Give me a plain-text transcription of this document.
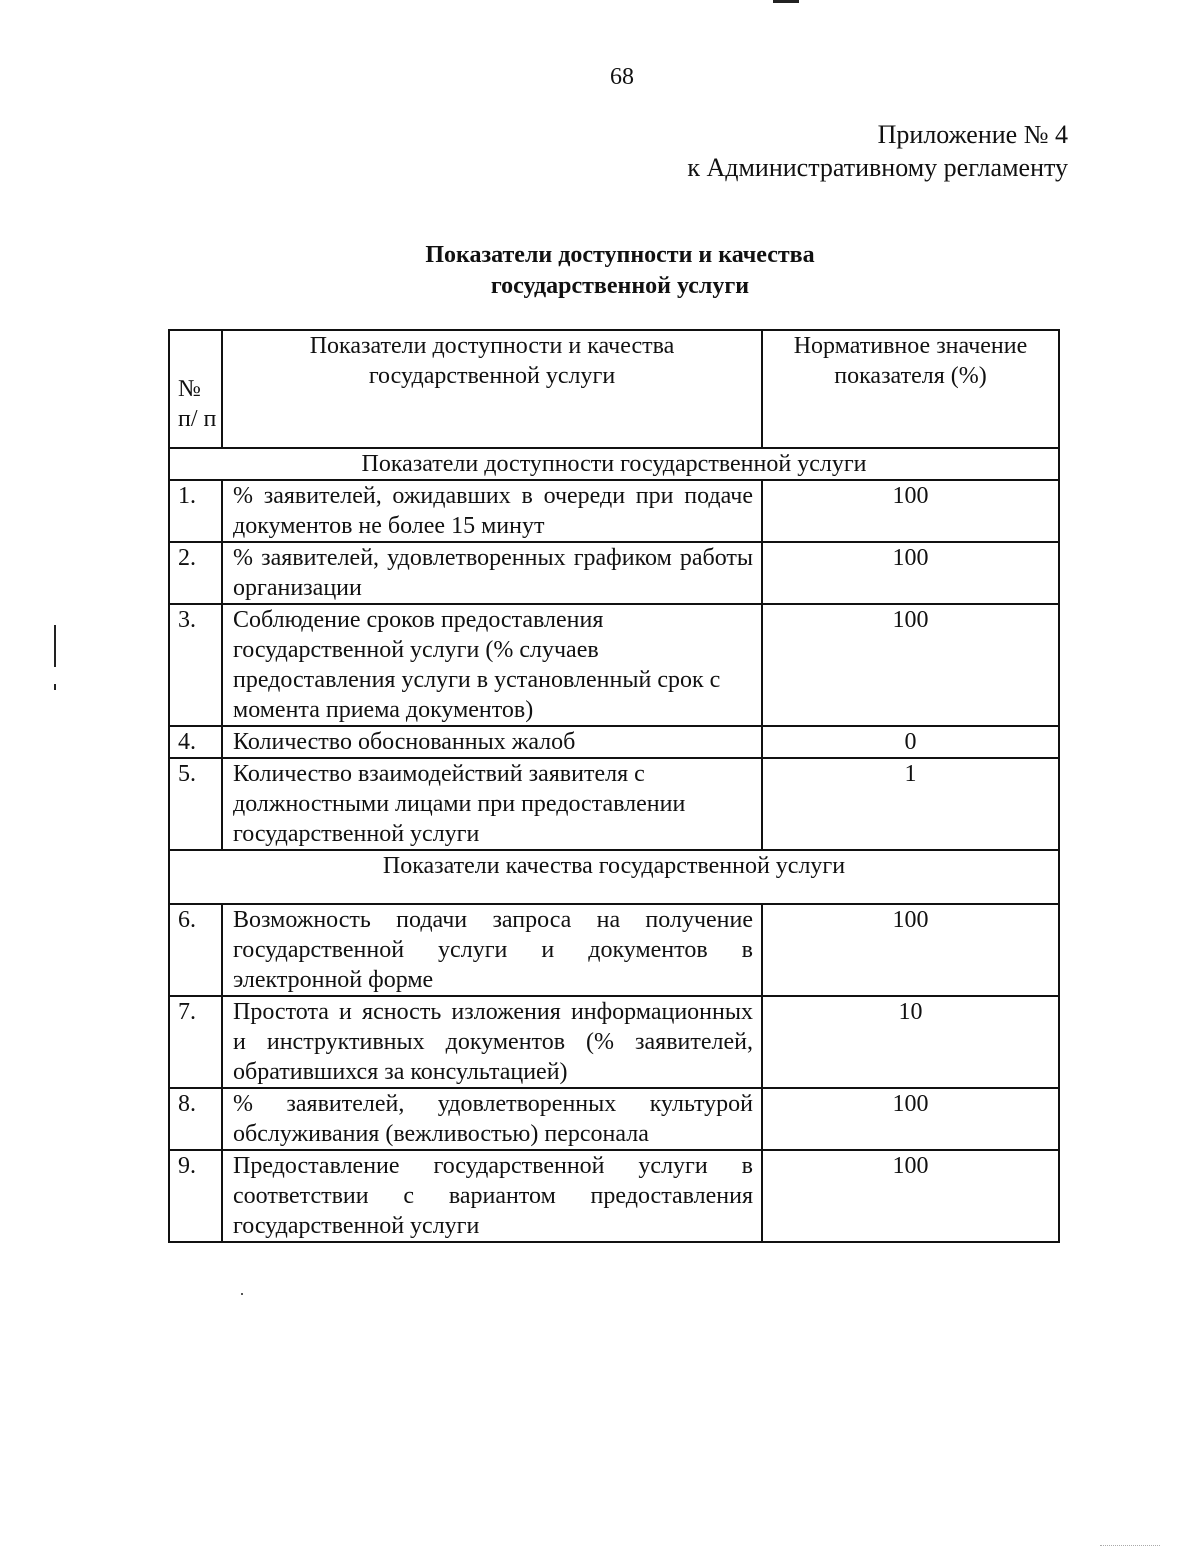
68
Приложение № 4
к Административному регламенту
Показатели доступности и качества
государственной услуги
№ п/ п	Показатели доступности и качества государственной услуги	Нормативное значение показателя (%)
Показатели доступности государственной услуги		
1.	% заявителей, ожидавших в очереди при подаче документов не более 15 минут	100
2.	% заявителей, удовлетворенных графиком работы организации	100
3.	Соблюдение сроков предоставления государственной услуги (% случаев предоставления услуги в установленный срок с момента приема документов)	100
4.	Количество обоснованных жалоб	0
5.	Количество взаимодействий заявителя с должностными лицами при предоставлении государственной услуги	1
Показатели качества государственной услуги		
6.	Возможность подачи запроса на получение государственной услуги и документов в электронной форме	100
7.	Простота и ясность изложения информационных и инструктивных документов (% заявителей, обратившихся за консультацией)	10
8.	% заявителей, удовлетворенных культурой обслуживания (вежливостью) персонала	100
9.	Предоставление государственной услуги в соответствии с вариантом предоставления государственной услуги	100
